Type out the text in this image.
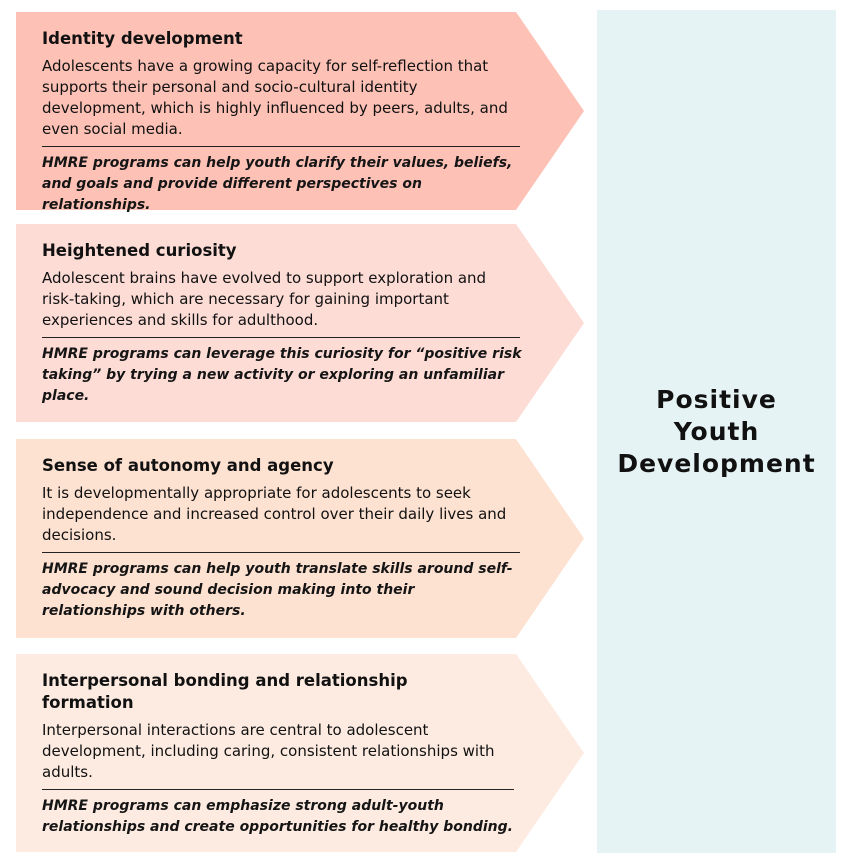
Identity development
Adolescents have a growing capacity for self-reflection that supports their personal and socio-cultural identity development, which is highly influenced by peers, adults, and even social media.
HMRE programs can help youth clarify their values, beliefs, and goals and provide different perspectives on relationships.
Heightened curiosity
Adolescent brains have evolved to support exploration and risk-taking, which are necessary for gaining important experiences and skills for adulthood.
HMRE programs can leverage this curiosity for “positive risk taking” by trying a new activity or exploring an unfamiliar place.
Sense of autonomy and agency
It is developmentally appropriate for adolescents to seek independence and increased control over their daily lives and decisions.
HMRE programs can help youth translate skills around self-advocacy and sound decision making into their relationships with others.
Interpersonal bonding and relationship formation
Interpersonal interactions are central to adolescent development, including caring, consistent relationships with adults.
HMRE programs can emphasize strong adult-youth relationships and create opportunities for healthy bonding.
Positive Youth Development
